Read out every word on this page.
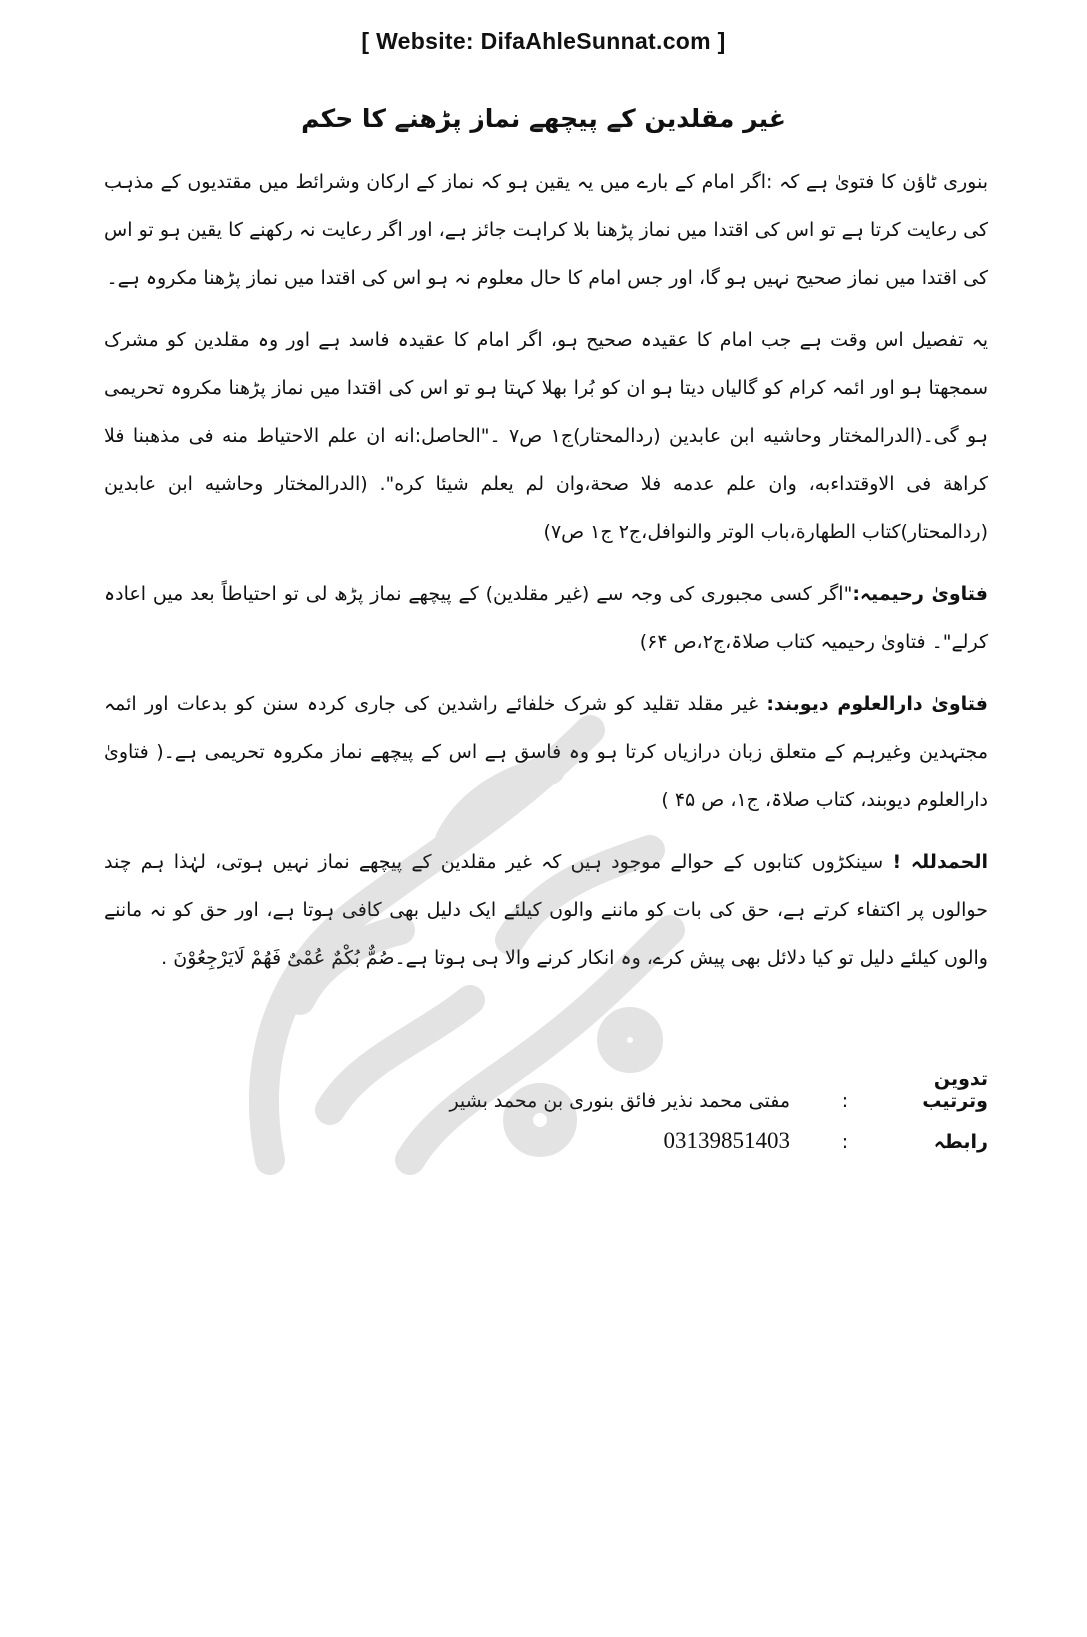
[ Website: DifaAhleSunnat.com ]
غیر مقلدین کے پیچھے نماز پڑھنے کا حکم

بنوری ٹاؤن کا فتویٰ ہے کہ :اگر امام کے بارے میں یہ یقین ہو کہ نماز کے ارکان وشرائط میں مقتدیوں کے مذہب کی رعایت کرتا ہے تو اس کی اقتدا میں نماز پڑھنا بلا کراہت جائز ہے، اور اگر رعایت نہ رکھنے کا یقین ہو تو اس کی اقتدا میں نماز صحیح نہیں ہو گا، اور جس امام کا حال معلوم نہ ہو اس کی اقتدا میں نماز پڑھنا مکروہ ہے۔

یہ تفصیل اس وقت ہے جب امام کا عقیدہ صحیح ہو، اگر امام کا عقیدہ فاسد ہے اور وہ مقلدین کو مشرک سمجھتا ہو اور ائمہ کرام کو گالیاں دیتا ہو ان کو بُرا بھلا کہتا ہو تو اس کی اقتدا میں نماز پڑھنا مکروہ تحریمی ہو گی۔(الدرالمختار وحاشیه ابن عابدین (ردالمحتار)ج۱ ص۷ ۔"الحاصل:انه ان علم الاحتیاط منه فی مذهبنا فلا کراهة فی الاوقتداءبه، وان علم عدمه فلا صحة،وان لم یعلم شیئا کره". (الدرالمختار وحاشیه ابن عابدین (ردالمحتار)کتاب الطهارة،باب الوتر والنوافل،ج۲ ج۱ ص۷)

فتاویٰ رحیمیہ:"اگر کسی مجبوری کی وجہ سے (غیر مقلدین) کے پیچھے نماز پڑھ لی تو احتیاطاً بعد میں اعادہ کرلے"۔ فتاویٰ رحیمیہ کتاب صلاۃ،ج۲،ص ۶۴)

فتاویٰ دارالعلوم دیوبند: غیر مقلد تقلید کو شرک خلفائے راشدین کی جاری کردہ سنن کو بدعات اور ائمہ مجتہدین وغیرہم کے متعلق زبان درازیاں کرتا ہو وہ فاسق ہے اس کے پیچھے نماز مکروہ تحریمی ہے۔( فتاویٰ دارالعلوم دیوبند، کتاب صلاۃ، ج۱، ص ۴۵ )

الحمدللہ ! سینکڑوں کتابوں کے حوالے موجود ہیں کہ غیر مقلدین کے پیچھے نماز نہیں ہوتی، لہٰذا ہم چند حوالوں پر اکتفاء کرتے ہے، حق کی بات کو ماننے والوں کیلئے ایک دلیل بھی کافی ہوتا ہے، اور حق کو نہ ماننے والوں کیلئے دلیل تو کیا دلائل بھی پیش کرے، وہ انکار کرنے والا ہی ہوتا ہے۔صُمٌّ بُکْمٌ عُمْیٌ فَھُمْ لَایَرْجِعُوْنَ .

تدوین وترتیب:مفتی محمد نذیر فائق بنوری بن محمد بشیر
رابطہ:03139851403
